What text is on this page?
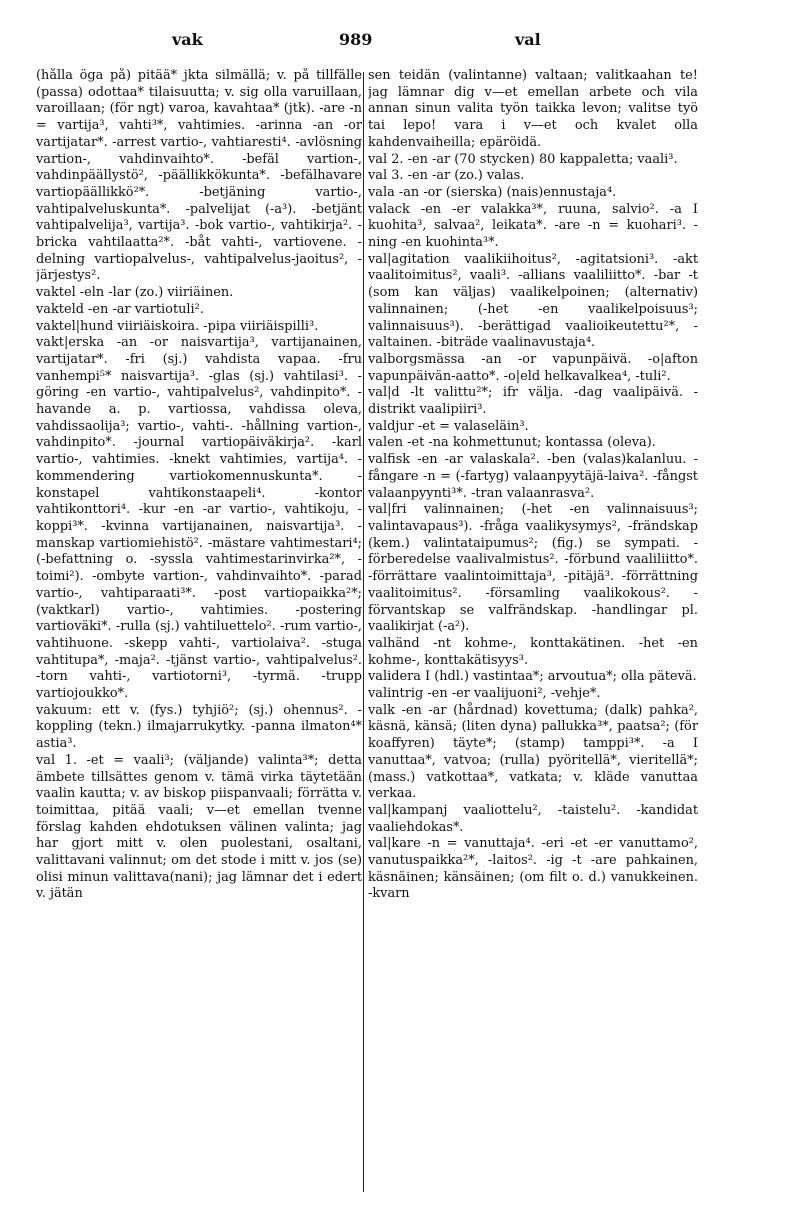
vak	989	val

(hålla öga på) pitää* jkta silmällä; v. på tillfälle (passa) odottaa* tilaisuutta; v. sig olla varuillaan, varoillaan; (för ngt) varoa, kavahtaa* (jtk). -are -n = vartija³, vahti³*, vahtimies. -arinna -an -or vartijatar*. -arrest vartio-, vahtiaresti⁴. -avlösning vartion-, vahdinvaihto*. -befäl vartion-, vahdinpäällystö², -päällikkökunta*. -befälhavare vartiopäällikkö²*. -betjäning vartio-, vahtipalveluskunta*. -palvelijat (-a³). -betjänt vahtipalvelija³, vartija³. -bok vartio-, vahtikirja². -bricka vahtilaatta²*. -båt vahti-, vartiovene. -delning vartiopalvelus-, vahtipalvelus-jaoitus², -järjestys².

vaktel -eln -lar (zo.) viiriäinen.

vakteld -en -ar vartiotuli².

vaktel|hund viiriäiskoira. -pipa viiriäispilli³.

vakt|erska -an -or naisvartija³, vartijanainen, vartijatar*. -fri (sj.) vahdista vapaa. -fru vanhempi⁵* naisvartija³. -glas (sj.) vahtilasi³. -göring -en vartio-, vahtipalvelus², vahdinpito*. -havande a. p. vartiossa, vahdissa oleva, vahdissaolija³; vartio-, vahti-. -hållning vartion-, vahdinpito*. -journal vartiopäiväkirja². -karl vartio-, vahtimies. -knekt vahtimies, vartija⁴. -kommendering vartiokomennuskunta*. -konstapel vahtikonstaapeli⁴. -kontor vahtikonttori⁴. -kur -en -ar vartio-, vahtikoju, -koppi³*. -kvinna vartijanainen, naisvartija³. -manskap vartiomiehistö². -mästare vahtimestari⁴; (-befattning o. -syssla vahtimestarinvirka²*, -toimi²). -ombyte vartion-, vahdinvaihto*. -parad vartio-, vahtiparaati³*. -post vartiopaikka²*; (vaktkarl) vartio-, vahtimies. -postering vartioväki*. -rulla (sj.) vahtiluettelo². -rum vartio-, vahtihuone. -skepp vahti-, vartiolaiva². -stuga vahtitupa*, -maja². -tjänst vartio-, vahtipalvelus². -torn vahti-, vartiotorni³, -tyrmä. -trupp vartiojoukko*.

vakuum: ett v. (fys.) tyhjiö²; (sj.) ohennus². -koppling (tekn.) ilmajarrukytky. -panna ilmaton⁴* astia³.

val 1. -et = vaali³; (väljande) valinta³*; detta ämbete tillsättes genom v. tämä virka täytetään vaalin kautta; v. av biskop piispanvaali; förrätta v. toimittaa, pitää vaali; v—et emellan tvenne förslag kahden ehdotuksen välinen valinta; jag har gjort mitt v. olen puolestani, osaltani, valittavani valinnut; om det stode i mitt v. jos (se) olisi minun valittava(nani); jag lämnar det i edert v. jätän

sen teidän (valintanne) valtaan; valitkaahan te! jag lämnar dig v—et emellan arbete och vila annan sinun valita työn taikka levon; valitse työ tai lepo! vara i v—et och kvalet olla kahdenvaiheilla; epäröidä.

val 2. -en -ar (70 stycken) 80 kappaletta; vaali³.

val 3. -en -ar (zo.) valas.

vala -an -or (sierska) (nais)ennustaja⁴.

valack -en -er valakka³*, ruuna, salvio². -a I kuohita³, salvaa², leikata*. -are -n = kuohari³. -ning -en kuohinta³*.

val|agitation vaalikiihoitus², -agitatsioni³. -akt vaalitoimitus², vaali³. -allians vaaliliitto*. -bar -t (som kan väljas) vaalikelpoinen; (alternativ) valinnainen; (-het -en vaalikelpoisuus³; valinnaisuus³). -berättigad vaalioikeutettu²*, -valtainen. -biträde vaalinavustaja⁴.

valborgsmässa -an -or vapunpäivä. -o|afton vapunpäivän-aatto*. -o|eld helkavalkea⁴, -tuli².

val|d -lt valittu²*; ifr välja. -dag vaalipäivä. -distrikt vaalipiiri³.

valdjur -et = valaseläin³.

valen -et -na kohmettunut; kontassa (oleva).

valfisk -en -ar valaskala². -ben (valas)kalanluu. -fångare -n = (-fartyg) valaanpyytäjä-laiva². -fångst valaanpyynti³*. -tran valaanrasva².

val|fri valinnainen; (-het -en valinnaisuus³; valintavapaus³). -fråga vaalikysymys², -frändskap (kem.) valintataipumus²; (fig.) se sympati. -förberedelse vaalivalmistus². -förbund vaaliliitto*. -förrättare vaalintoimittaja³, -pitäjä³. -förrättning vaalitoimitus². -församling vaalikokous². -förvantskap se valfrändskap. -handlingar pl. vaalikirjat (-a²).

valhänd -nt kohme-, konttakätinen. -het -en kohme-, konttakätisyys³.

validera I (hdl.) vastintaa*; arvoutua*; olla pätevä.

valintrig -en -er vaalijuoni², -vehje*.

valk -en -ar (hårdnad) kovettuma; (dalk) pahka², käsnä, känsä; (liten dyna) pallukka³*, paatsa²; (för koaffyren) täyte*; (stamp) tamppi³*. -a I vanuttaa*, vatvoa; (rulla) pyöritellä*, vieritellä*; (mass.) vatkottaa*, vatkata; v. kläde vanuttaa verkaa.

val|kampanj vaaliottelu², -taistelu². -kandidat vaaliehdokas*.

val|kare -n = vanuttaja⁴. -eri -et -er vanuttamo², vanutuspaikka²*, -laitos². -ig -t -are pahkainen, käsnäinen; känsäinen; (om filt o. d.) vanukkeinen. -kvarn
